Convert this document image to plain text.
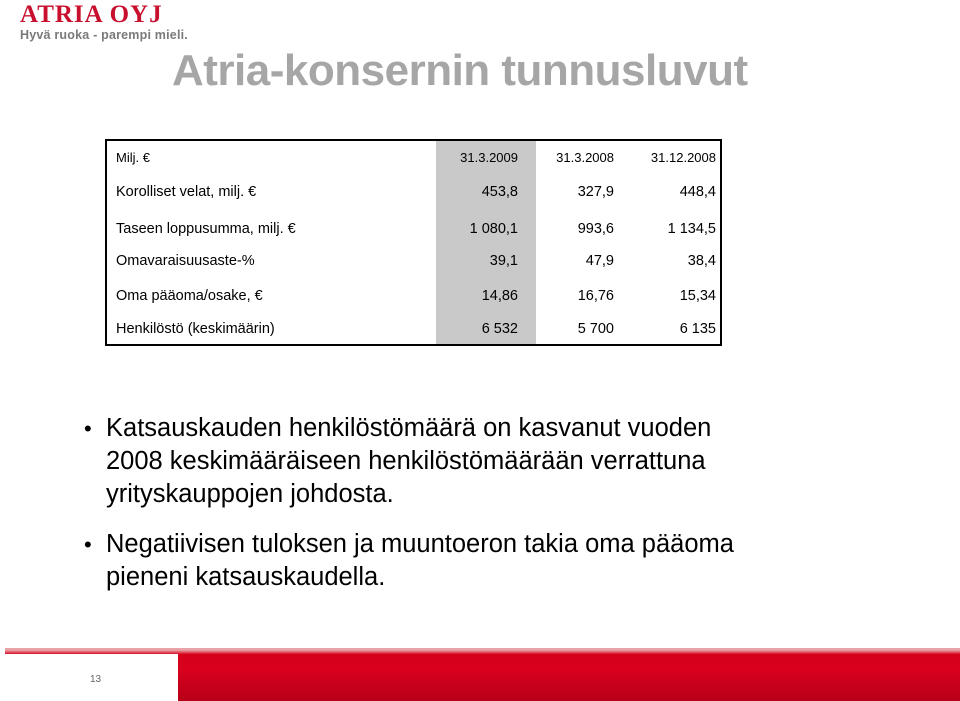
ATRIA OYJ
Hyvä ruoka - parempi mieli.
Atria-konsernin tunnusluvut
Milj. €	31.3.2009	31.3.2008	31.12.2008
Korolliset velat, milj. €	453,8	327,9	448,4
Taseen loppusumma, milj. €	1 080,1	993,6	1 134,5
Omavaraisuusaste-%	39,1	47,9	38,4
Oma pääoma/osake, €	14,86	16,76	15,34
Henkilöstö (keskimäärin)	6 532	5 700	6 135
• Katsauskauden henkilöstömäärä on kasvanut vuoden
2008 keskimääräiseen henkilöstömäärään verrattuna
yrityskauppojen johdosta.
• Negatiivisen tuloksen ja muuntoeron takia oma pääoma
pieneni katsauskaudella.
13
